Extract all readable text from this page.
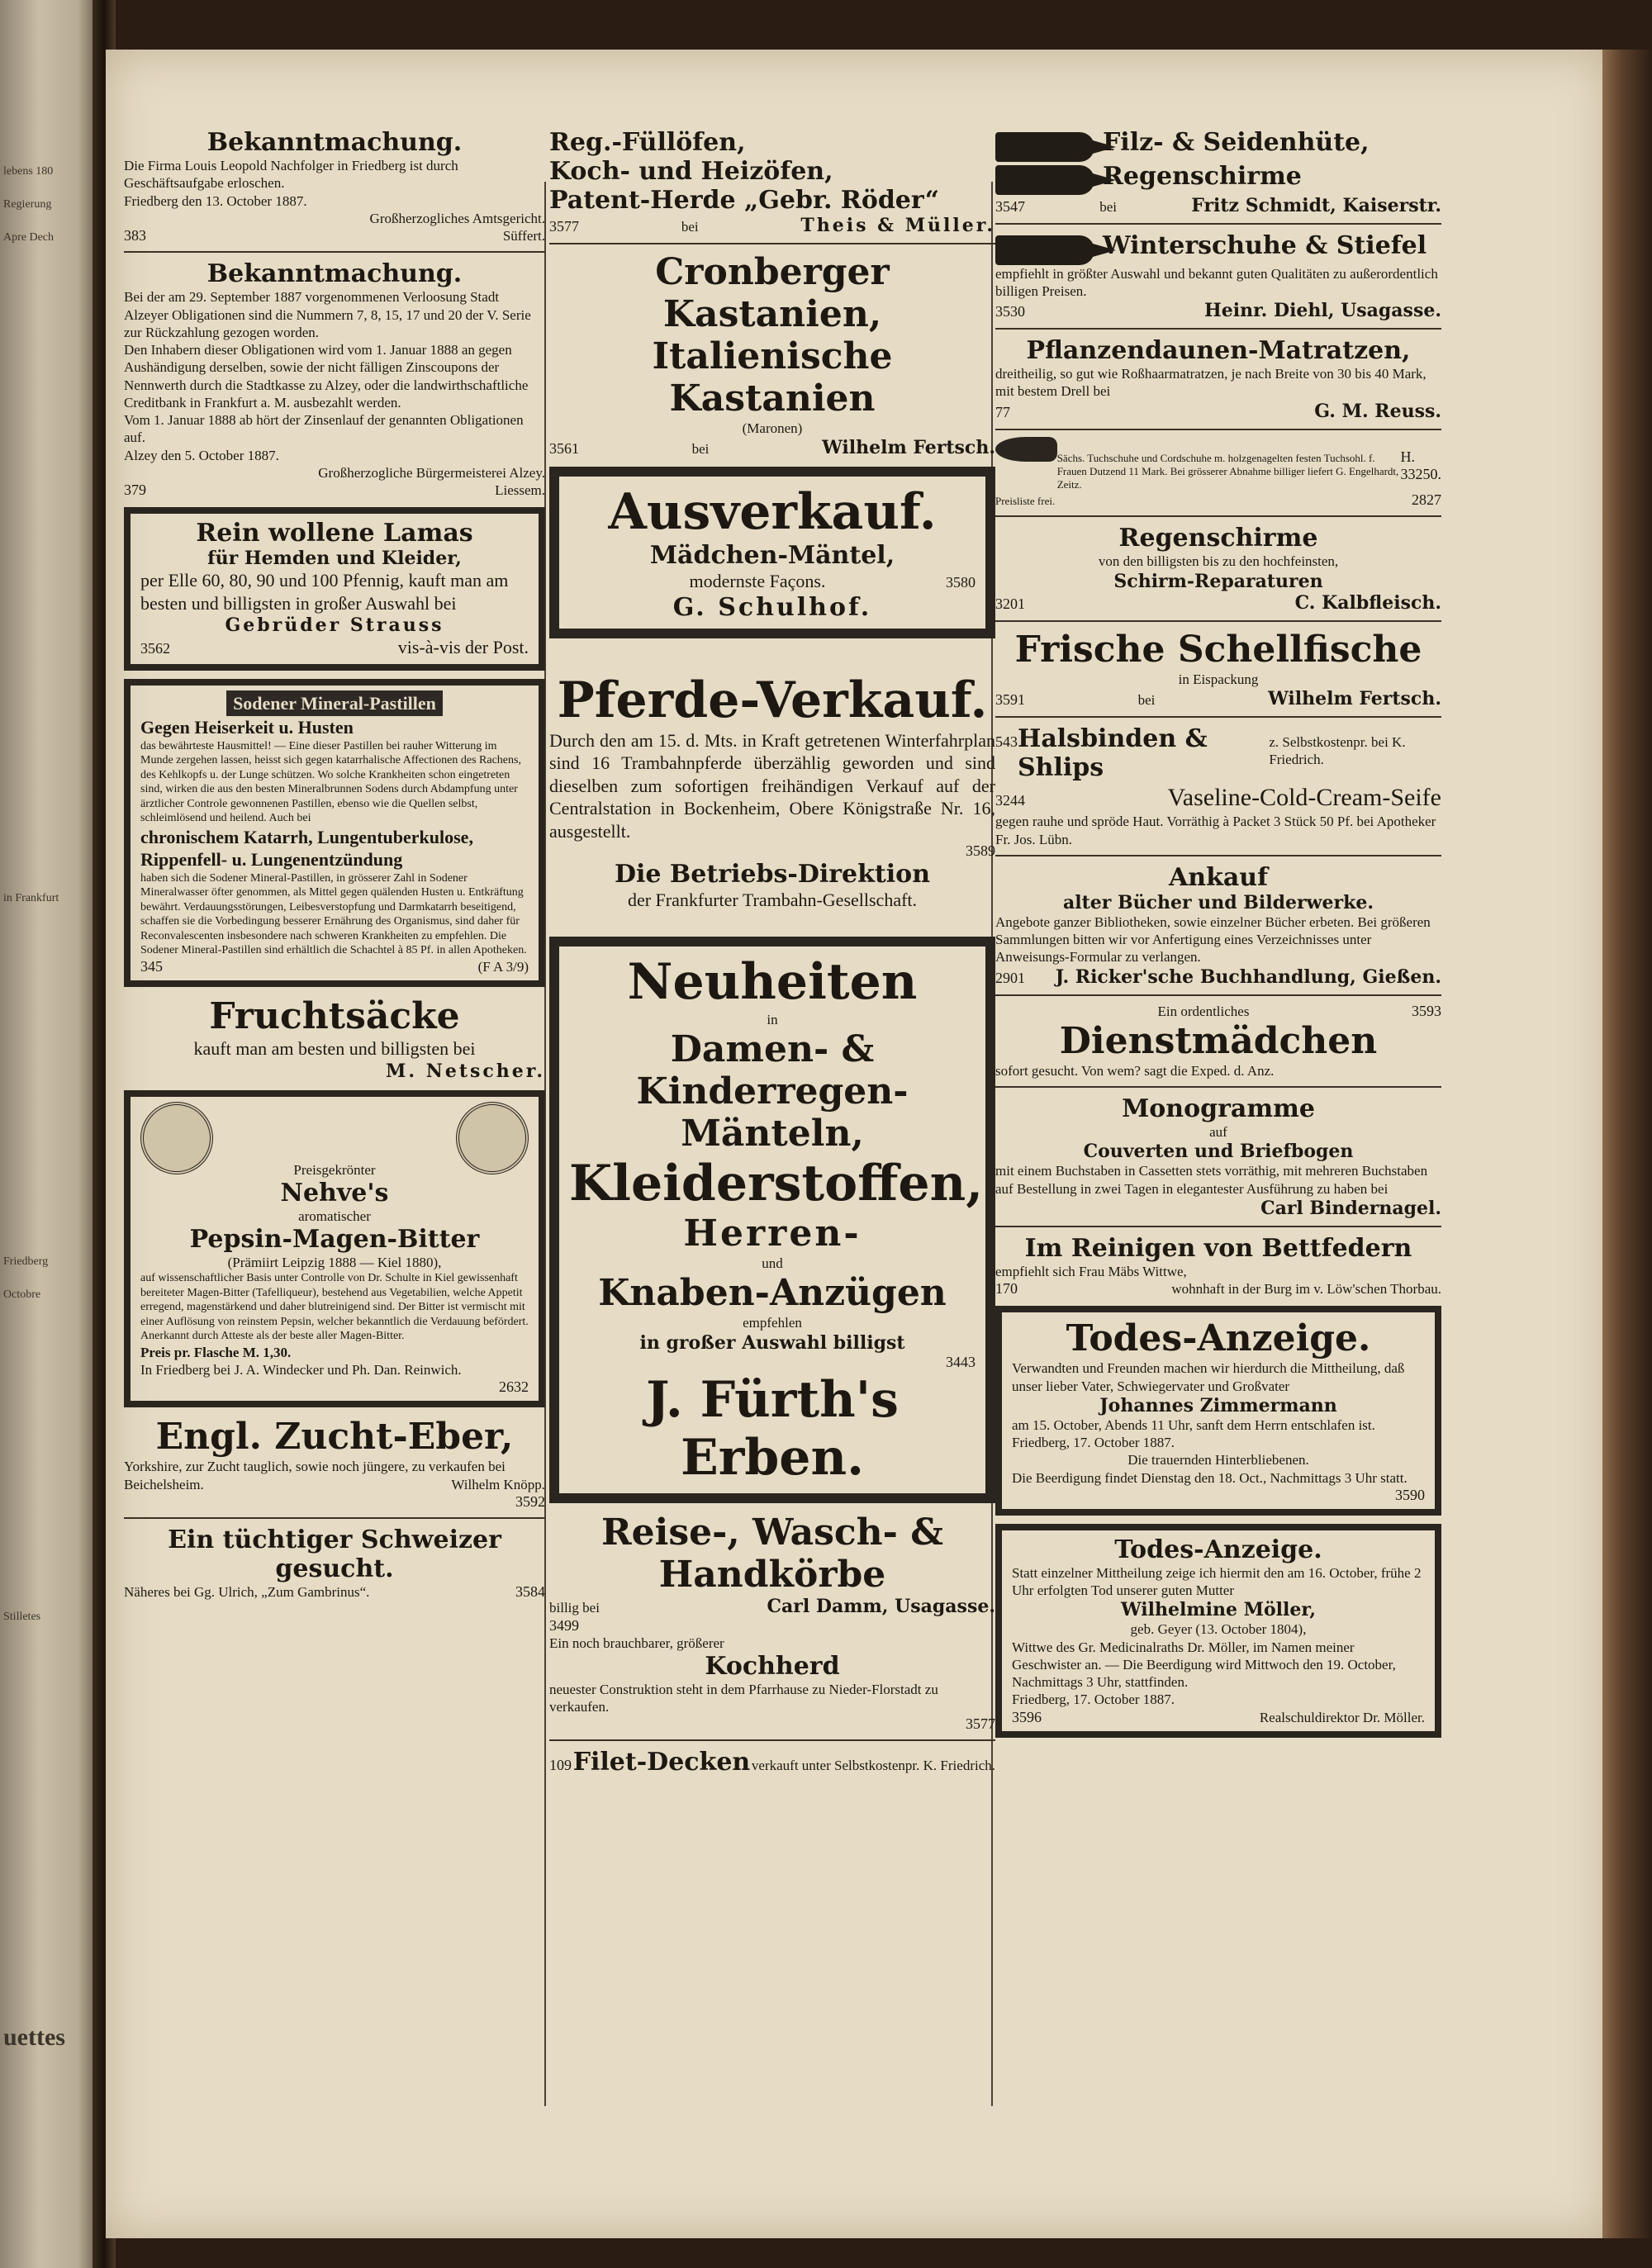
lebens 180
Regierung
Apre Dech
in Frankfurt
Friedberg
Octobre
Stilletes
uettes
Bekanntmachung.
Die Firma Louis Leopold Nachfolger in Friedberg ist durch Geschäftsaufgabe erloschen.
Friedberg den 13. October 1887.
Großherzogliches Amtsgericht.
383	Süffert.
Bekanntmachung.
Bei der am 29. September 1887 vorgenommenen Verloosung Stadt Alzeyer Obligationen sind die Nummern 7, 8, 15, 17 und 20 der V. Serie zur Rückzahlung gezogen worden.
Den Inhabern dieser Obligationen wird vom 1. Januar 1888 an gegen Aushändigung derselben, sowie der nicht fälligen Zinscoupons der Nennwerth durch die Stadtkasse zu Alzey, oder die landwirthschaftliche Creditbank in Frankfurt a. M. ausbezahlt werden.
Vom 1. Januar 1888 ab hört der Zinsenlauf der genannten Obligationen auf.
Alzey den 5. October 1887.
Großherzogliche Bürgermeisterei Alzey.
379	Liessem.
Rein wollene Lamas
für Hemden und Kleider,
per Elle 60, 80, 90 und 100 Pfennig, kauft man am besten und billigsten in großer Auswahl bei
Gebrüder Strauss
3562	vis-à-vis der Post.
Sodener Mineral-Pastillen
Gegen Heiserkeit u. Husten
das bewährteste Hausmittel! — Eine dieser Pastillen bei rauher Witterung im Munde zergehen lassen, heisst sich gegen katarrhalische Affectionen des Rachens, des Kehlkopfs u. der Lunge schützen. Wo solche Krankheiten schon eingetreten sind, wirken die aus den besten Mineralbrunnen Sodens durch Abdampfung unter ärztlicher Controle gewonnenen Pastillen, ebenso wie die Quellen selbst, schleimlösend und heilend. Auch bei
chronischem Katarrh, Lungentuberkulose, Rippenfell- u. Lungenentzündung
haben sich die Sodener Mineral-Pastillen, in grösserer Zahl in Sodener Mineralwasser öfter genommen, als Mittel gegen quälenden Husten u. Entkräftung bewährt. Verdauungsstörungen, Leibesverstopfung und Darmkatarrh beseitigend, schaffen sie die Vorbedingung besserer Ernährung des Organismus, sind daher für Reconvalescenten insbesondere nach schweren Krankheiten zu empfehlen. Die Sodener Mineral-Pastillen sind erhältlich die Schachtel à 85 Pf. in allen Apotheken.
345	(F A 3/9)
Fruchtsäcke
kauft man am besten und billigsten bei
M. Netscher.
Preisgekrönter
Nehve's
aromatischer
Pepsin-Magen-Bitter
(Prämiirt Leipzig 1888 — Kiel 1880),
auf wissenschaftlicher Basis unter Controlle von Dr. Schulte in Kiel gewissenhaft bereiteter Magen-Bitter (Tafelliqueur), bestehend aus Vegetabilien, welche Appetit erregend, magenstärkend und daher blutreinigend sind. Der Bitter ist vermischt mit einer Auflösung von reinstem Pepsin, welcher bekanntlich die Verdauung befördert. Anerkannt durch Atteste als der beste aller Magen-Bitter.
Preis pr. Flasche M. 1,30.
In Friedberg bei J. A. Windecker und Ph. Dan. Reinwich.
2632
Engl. Zucht-Eber,
Yorkshire, zur Zucht tauglich, sowie noch jüngere, zu verkaufen bei
Beichelsheim.	Wilhelm Knöpp.
3592
Ein tüchtiger Schweizer gesucht.
Näheres bei Gg. Ulrich, „Zum Gambrinus“.	3584
Reg.-Füllöfen,
Koch- und Heizöfen,
Patent-Herde „Gebr. Röder“
3577	bei	Theis & Müller.
Cronberger Kastanien,
Italienische Kastanien
(Maronen)
3561	bei	Wilhelm Fertsch.
Ausverkauf.
Mädchen-Mäntel,
modernste Façons.	3580
G. Schulhof.
Pferde-Verkauf.
Durch den am 15. d. Mts. in Kraft getretenen Winterfahrplan sind 16 Trambahnpferde überzählig geworden und sind dieselben zum sofortigen freihändigen Verkauf auf der Centralstation in Bockenheim, Obere Königstraße Nr. 16, ausgestellt.
3589
Die Betriebs-Direktion
der Frankfurter Trambahn-Gesellschaft.
Neuheiten
in
Damen- & Kinderregen-
Mänteln,
Kleiderstoffen,
Herren-
und
Knaben-Anzügen
empfehlen
in großer Auswahl billigst
3443
J. Fürth's Erben.
Reise-, Wasch- & Handkörbe
billig bei	Carl Damm, Usagasse.
3499
Ein noch brauchbarer, größerer
Kochherd
neuester Construktion steht in dem Pfarrhause zu Nieder-Florstadt zu verkaufen.
3577
109 Filet-Decken verkauft unter Selbstkostenpr. K. Friedrich.
Filz- & Seidenhüte,
Regenschirme
3547	bei	Fritz Schmidt, Kaiserstr.
Winterschuhe & Stiefel
empfiehlt in größter Auswahl und bekannt guten Qualitäten zu außerordentlich billigen Preisen.
3530	Heinr. Diehl, Usagasse.
Pflanzendaunen-Matratzen,
dreitheilig, so gut wie Roßhaarmatratzen, je nach Breite von 30 bis 40 Mark, mit bestem Drell bei
77	G. M. Reuss.
Sächs. Tuchschuhe und Cordschuhe m. holzgenagelten festen Tuchsohl. f. Frauen Dutzend 11 Mark. Bei grösserer Abnahme billiger liefert G. Engelhardt, Zeitz.
H. 33250.
Preisliste frei.	2827
Regenschirme
von den billigsten bis zu den hochfeinsten,
Schirm-Reparaturen
3201	C. Kalbfleisch.
Frische Schellfische
in Eispackung
3591	bei	Wilhelm Fertsch.
543 Halsbinden & Shlips
z. Selbstkostenpr. bei K. Friedrich.
3244	Vaseline-Cold-Cream-Seife
gegen rauhe und spröde Haut. Vorräthig à Packet 3 Stück 50 Pf. bei Apotheker Fr. Jos. Lübn.
Ankauf
alter Bücher und Bilderwerke.
Angebote ganzer Bibliotheken, sowie einzelner Bücher erbeten. Bei größeren Sammlungen bitten wir vor Anfertigung eines Verzeichnisses unter Anweisungs-Formular zu verlangen.
2901 J. Ricker'sche Buchhandlung, Gießen.
Ein ordentliches	3593
Dienstmädchen
sofort gesucht. Von wem? sagt die Exped. d. Anz.
Monogramme
auf
Couverten und Briefbogen
mit einem Buchstaben in Cassetten stets vorräthig, mit mehreren Buchstaben auf Bestellung in zwei Tagen in elegantester Ausführung zu haben bei
Carl Bindernagel.
Im Reinigen von Bettfedern
empfiehlt sich Frau Mäbs Wittwe,
170	wohnhaft in der Burg im v. Löw'schen Thorbau.
Todes-Anzeige.
Verwandten und Freunden machen wir hierdurch die Mittheilung, daß unser lieber Vater, Schwiegervater und Großvater
Johannes Zimmermann
am 15. October, Abends 11 Uhr, sanft dem Herrn entschlafen ist.
Friedberg, 17. October 1887.
Die trauernden Hinterbliebenen.
Die Beerdigung findet Dienstag den 18. Oct., Nachmittags 3 Uhr statt.
3590
Todes-Anzeige.
Statt einzelner Mittheilung zeige ich hiermit den am 16. October, frühe 2 Uhr erfolgten Tod unserer guten Mutter
Wilhelmine Möller,
geb. Geyer (13. October 1804),
Wittwe des Gr. Medicinalraths Dr. Möller, im Namen meiner Geschwister an. — Die Beerdigung wird Mittwoch den 19. October, Nachmittags 3 Uhr, stattfinden.
Friedberg, 17. October 1887.
3596	Realschuldirektor Dr. Möller.
